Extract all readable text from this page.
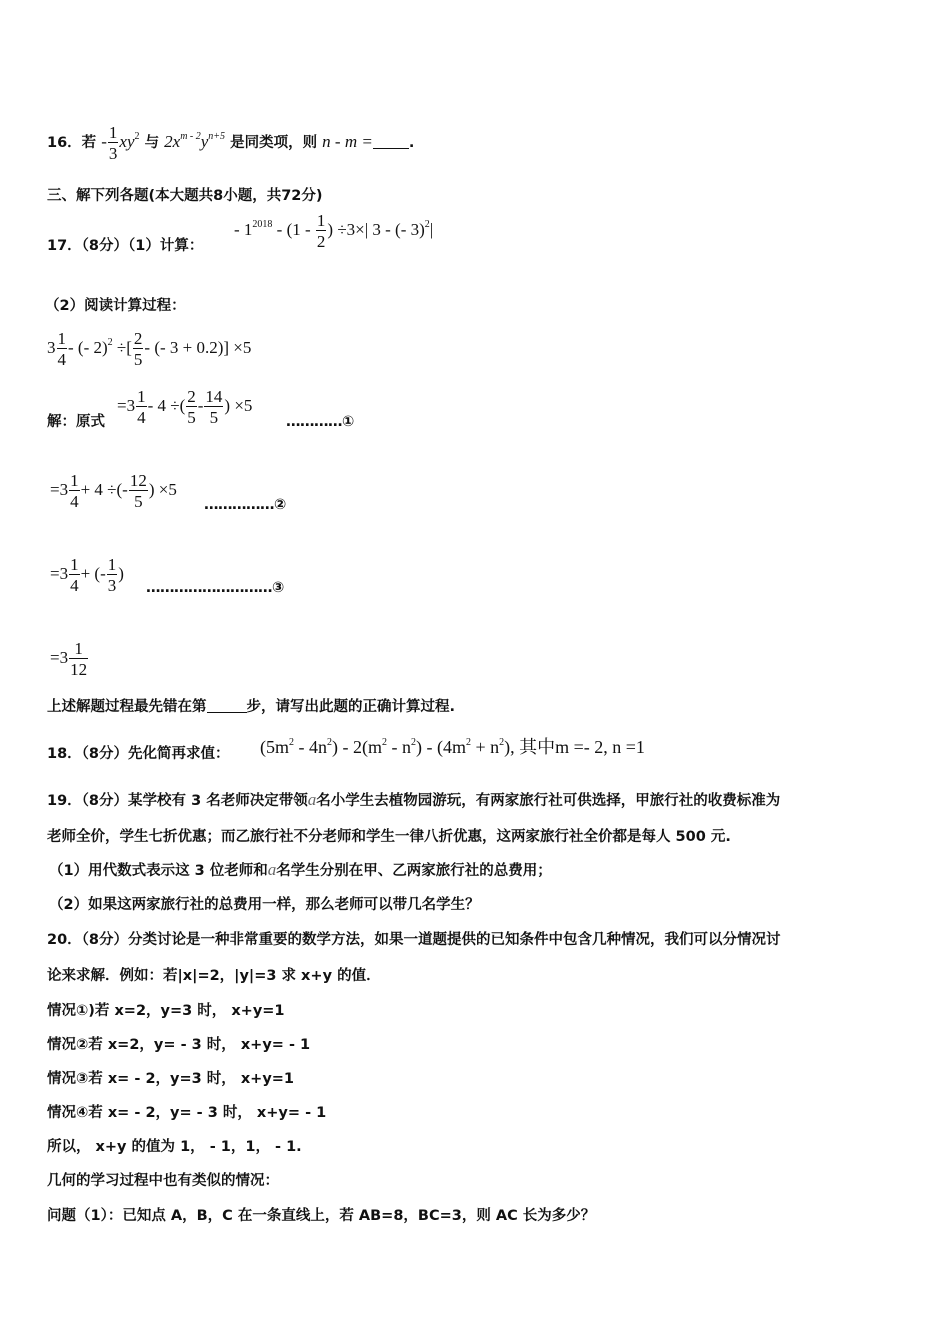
16．若 - $\frac{1}{3} xy^2$ 与 $2x^{m - 2}y^{n+5}$ 是同类项，则 n - m = .
三、解下列各题(本大题共8小题，共72分)
17．（8分）（1）计算：
- $1^{2018} - (1 - \frac{1}{2}$ ) ÷3×| 3 - (- 3)$^2$|
（2）阅读计算过程：
$3 \frac{1}{4}$ - (- 2)$^2$ ÷[ $\frac{2}{5}$ - (- 3 + 0.2)] ×5
解：原式
$=3 \frac{1}{4} - 4$ ÷( $\frac{2}{5} - \frac{14}{5}$ ) ×5
…………①
$=3 \frac{1}{4} + 4$ ÷(- $\frac{12}{5}$ ) ×5
……………②
$=3 \frac{1}{4}$ + (- $\frac{1}{3}$ )
………………………③
$=3 \frac{1}{12}$
上述解题过程最先错在第	步，请写出此题的正确计算过程.
18．（8分）先化简再求值： $(5m^2 - 4n^2) - 2(m^2 - n^2) - (4m^2 + n^2)$, 其中m =- 2, n =1
19．（8分）某学校有 3 名老师决定带领a名小学生去植物园游玩，有两家旅行社可供选择，甲旅行社的收费标准为
老师全价，学生七折优惠；而乙旅行社不分老师和学生一律八折优惠，这两家旅行社全价都是每人 500 元.
（1）用代数式表示这 3 位老师和a名学生分别在甲、乙两家旅行社的总费用；
（2）如果这两家旅行社的总费用一样，那么老师可以带几名学生？
20．（8分）分类讨论是一种非常重要的数学方法，如果一道题提供的已知条件中包含几种情况，我们可以分情况讨
论来求解．例如：若|x|=2，|y|=3 求 x+y 的值．
情况①)若 x=2，y=3 时， x+y=1
情况②若 x=2，y= - 3 时， x+y= - 1
情况③若 x= - 2，y=3 时， x+y=1
情况④若 x= - 2，y= - 3 时， x+y= - 1
所以， x+y 的值为 1， - 1，1， - 1.
几何的学习过程中也有类似的情况：
问题（1）：已知点 A，B，C 在一条直线上，若 AB=8，BC=3，则 AC 长为多少？
